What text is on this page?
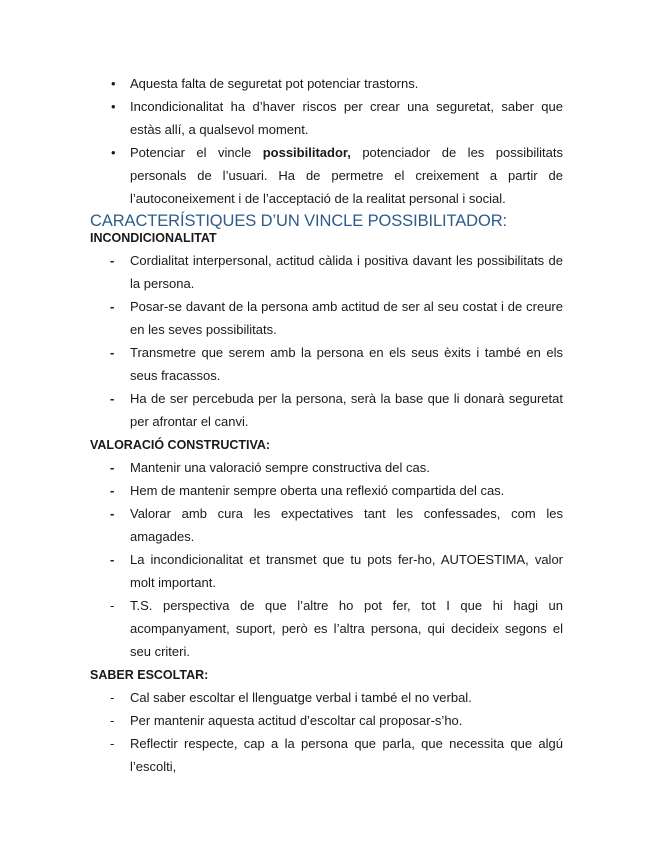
•	Aquesta falta de seguretat pot potenciar trastorns.
•	Incondicionalitat ha d’haver riscos per crear una seguretat, saber que estàs allí, a qualsevol moment.
•	Potenciar el vincle possibilitador, potenciador de les possibilitats personals de l’usuari. Ha de permetre el creixement a partir de l’autoconeixement i de l’acceptació de la realitat personal i social.
CARACTERÍSTIQUES D’UN VINCLE POSSIBILITADOR:
INCONDICIONALITAT
-	Cordialitat interpersonal, actitud càlida i positiva davant les possibilitats de la persona.
-	Posar-se davant de la persona amb actitud de ser al seu costat i de creure en les seves possibilitats.
-	Transmetre que serem amb la persona en els seus èxits i també en els seus fracassos.
-	Ha de ser percebuda per la persona, serà la base que li donarà seguretat per afrontar el canvi.
VALORACIÓ CONSTRUCTIVA:
-	Mantenir una valoració sempre constructiva del cas.
-	Hem de mantenir sempre oberta una reflexió compartida del cas.
-	Valorar amb cura les expectatives tant les confessades, com les amagades.
-	La incondicionalitat et transmet que tu pots fer-ho, AUTOESTIMA, valor molt important.
-	T.S. perspectiva de que l’altre ho pot fer, tot I que hi hagi un acompanyament, suport, però es l’altra persona, qui decideix segons el seu criteri.
SABER ESCOLTAR:
-	Cal saber escoltar el llenguatge verbal i també el no verbal.
-	Per mantenir aquesta actitud d’escoltar cal proposar-s’ho.
-	Reflectir respecte, cap a la persona que parla, que necessita que algú l’escolti,
